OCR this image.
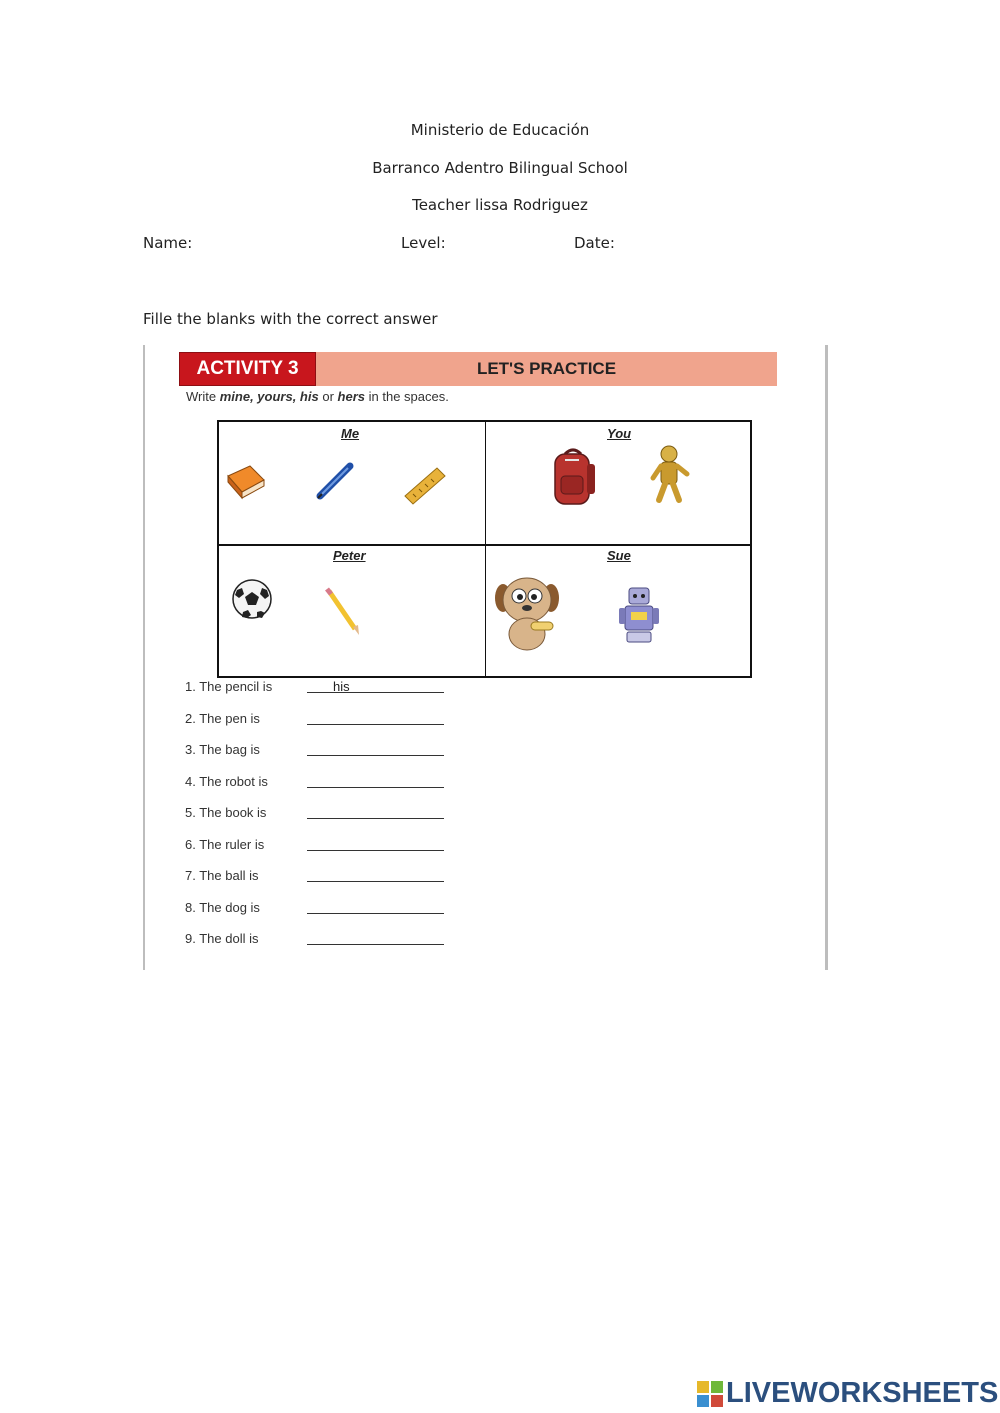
Ministerio de Educación
Barranco Adentro Bilingual School
Teacher lissa Rodriguez
Name:	Level:	Date:
Fille the blanks with the correct answer
ACTIVITY 3	LET'S PRACTICE
Write mine, yours, his or hers in the spaces.
Me	You
Peter	Sue
1. The pencil is	his
2. The pen is
3. The bag is
4. The robot is
5. The book is
6. The ruler is
7. The ball is
8. The dog is
9. The doll is
LIVEWORKSHEETS
